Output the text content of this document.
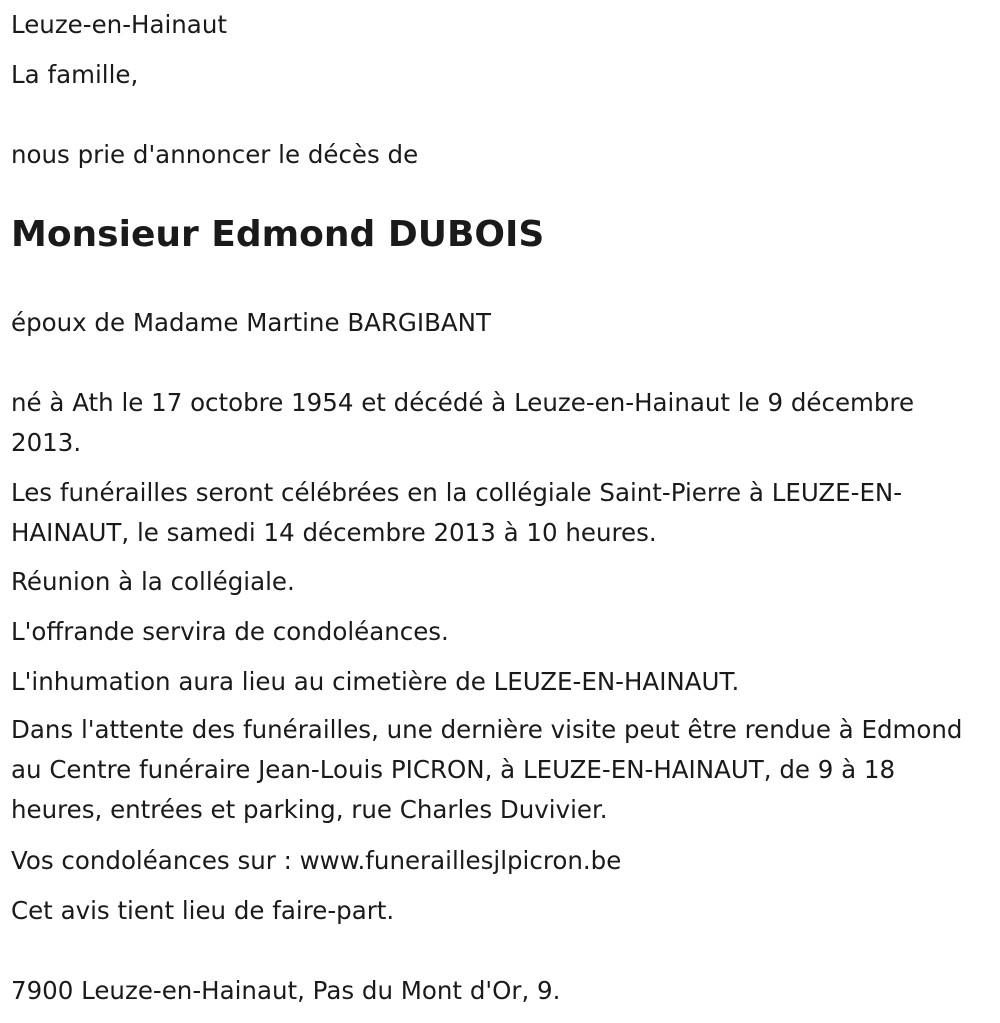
Leuze-en-Hainaut

La famille,

nous prie d'annoncer le décès de

Monsieur Edmond DUBOIS

époux de Madame Martine BARGIBANT

né à Ath le 17 octobre 1954 et décédé à Leuze-en-Hainaut le 9 décembre 2013.

Les funérailles seront célébrées en la collégiale Saint-Pierre à LEUZE-EN-HAINAUT, le samedi 14 décembre 2013 à 10 heures.

Réunion à la collégiale.

L'offrande servira de condoléances.

L'inhumation aura lieu au cimetière de LEUZE-EN-HAINAUT.

Dans l'attente des funérailles, une dernière visite peut être rendue à Edmond au Centre funéraire Jean-Louis PICRON, à LEUZE-EN-HAINAUT, de 9 à 18 heures, entrées et parking, rue Charles Duvivier.

Vos condoléances sur : www.funeraillesjlpicron.be

Cet avis tient lieu de faire-part.

7900 Leuze-en-Hainaut, Pas du Mont d'Or, 9.
